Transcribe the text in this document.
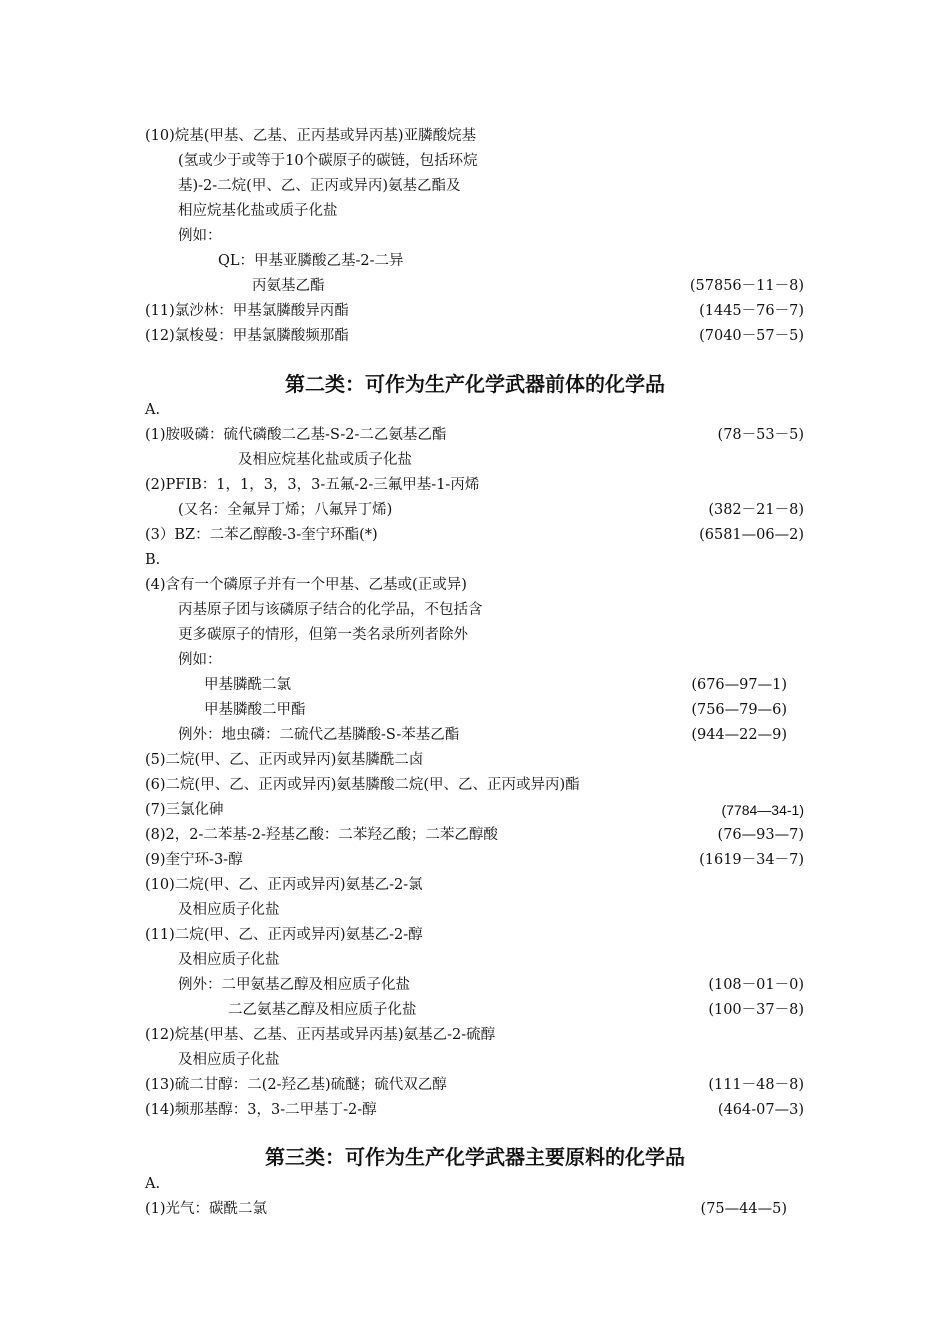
(10)烷基(甲基、乙基、正丙基或异丙基)亚膦酸烷基
(氢或少于或等于10个碳原子的碳链，包括环烷
基)-2-二烷(甲、乙、正丙或异丙)氨基乙酯及
相应烷基化盐或质子化盐
例如：
QL：甲基亚膦酸乙基-2-二异
丙氨基乙酯	(57856－11－8)
(11)氯沙林：甲基氯膦酸异丙酯	(1445－76－7)
(12)氯梭曼：甲基氯膦酸频那酯	(7040－57－5)
第二类：可作为生产化学武器前体的化学品
A.
(1)胺吸磷：硫代磷酸二乙基-S-2-二乙氨基乙酯	(78－53－5)
及相应烷基化盐或质子化盐
(2)PFIB：1，1，3，3，3-五氟-2-三氟甲基-1-丙烯
(又名：全氟异丁烯；八氟异丁烯)	(382－21－8)
(3）BZ：二苯乙醇酸-3-奎宁环酯(*)	(6581—06—2)
B.
(4)含有一个磷原子并有一个甲基、乙基或(正或异)
丙基原子团与该磷原子结合的化学品，不包括含
更多碳原子的情形，但第一类名录所列者除外
例如：
甲基膦酰二氯	(676—97—1)
甲基膦酸二甲酯	(756—79—6)
例外：地虫磷：二硫代乙基膦酸-S-苯基乙酯	(944—22—9)
(5)二烷(甲、乙、正丙或异丙)氨基膦酰二卤
(6)二烷(甲、乙、正丙或异丙)氨基膦酸二烷(甲、乙、正丙或异丙)酯
(7)三氯化砷	(7784—34-1)
(8)2，2-二苯基-2-羟基乙酸：二苯羟乙酸；二苯乙醇酸	(76—93—7)
(9)奎宁环-3-醇	(1619－34－7)
(10)二烷(甲、乙、正丙或异丙)氨基乙-2-氯
及相应质子化盐
(11)二烷(甲、乙、正丙或异丙)氨基乙-2-醇
及相应质子化盐
例外：二甲氨基乙醇及相应质子化盐	(108－01－0)
二乙氨基乙醇及相应质子化盐	(100－37－8)
(12)烷基(甲基、乙基、正丙基或异丙基)氨基乙-2-硫醇
及相应质子化盐
(13)硫二甘醇：二(2-羟乙基)硫醚；硫代双乙醇	(111－48－8)
(14)频那基醇：3，3-二甲基丁-2-醇	(464-07—3)
第三类：可作为生产化学武器主要原料的化学品
A.
(1)光气：碳酰二氯	(75—44—5)
